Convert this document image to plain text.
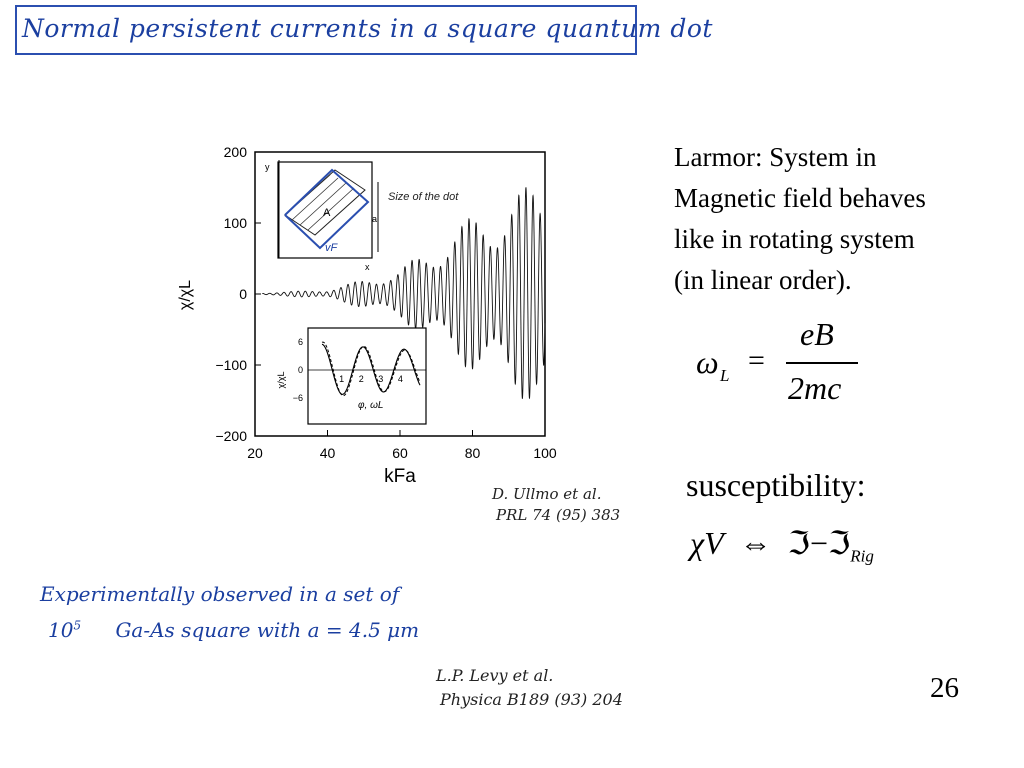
Normal persistent currents in a square quantum dot
20	40	60	80	100
200
100
0
−100
−200
χ/χL
kFa
y
x
A
vF
a
Size of the dot
6
0
−6
1 2 3 4
χ/χL
φ, ωL
D. Ullmo et al.
PRL 74 (95) 383
Experimentally observed in a set of
$10^5$ Ga-As square with a = 4.5 μm
L.P. Levy et al.
Physica B189 (93) 204
Larmor: System in
Magnetic field behaves
like in rotating system
(in linear order).
ω L =
eB
2mc
susceptibility:
χV ⇔ ℑ−ℑ$_{Rig}$
26
